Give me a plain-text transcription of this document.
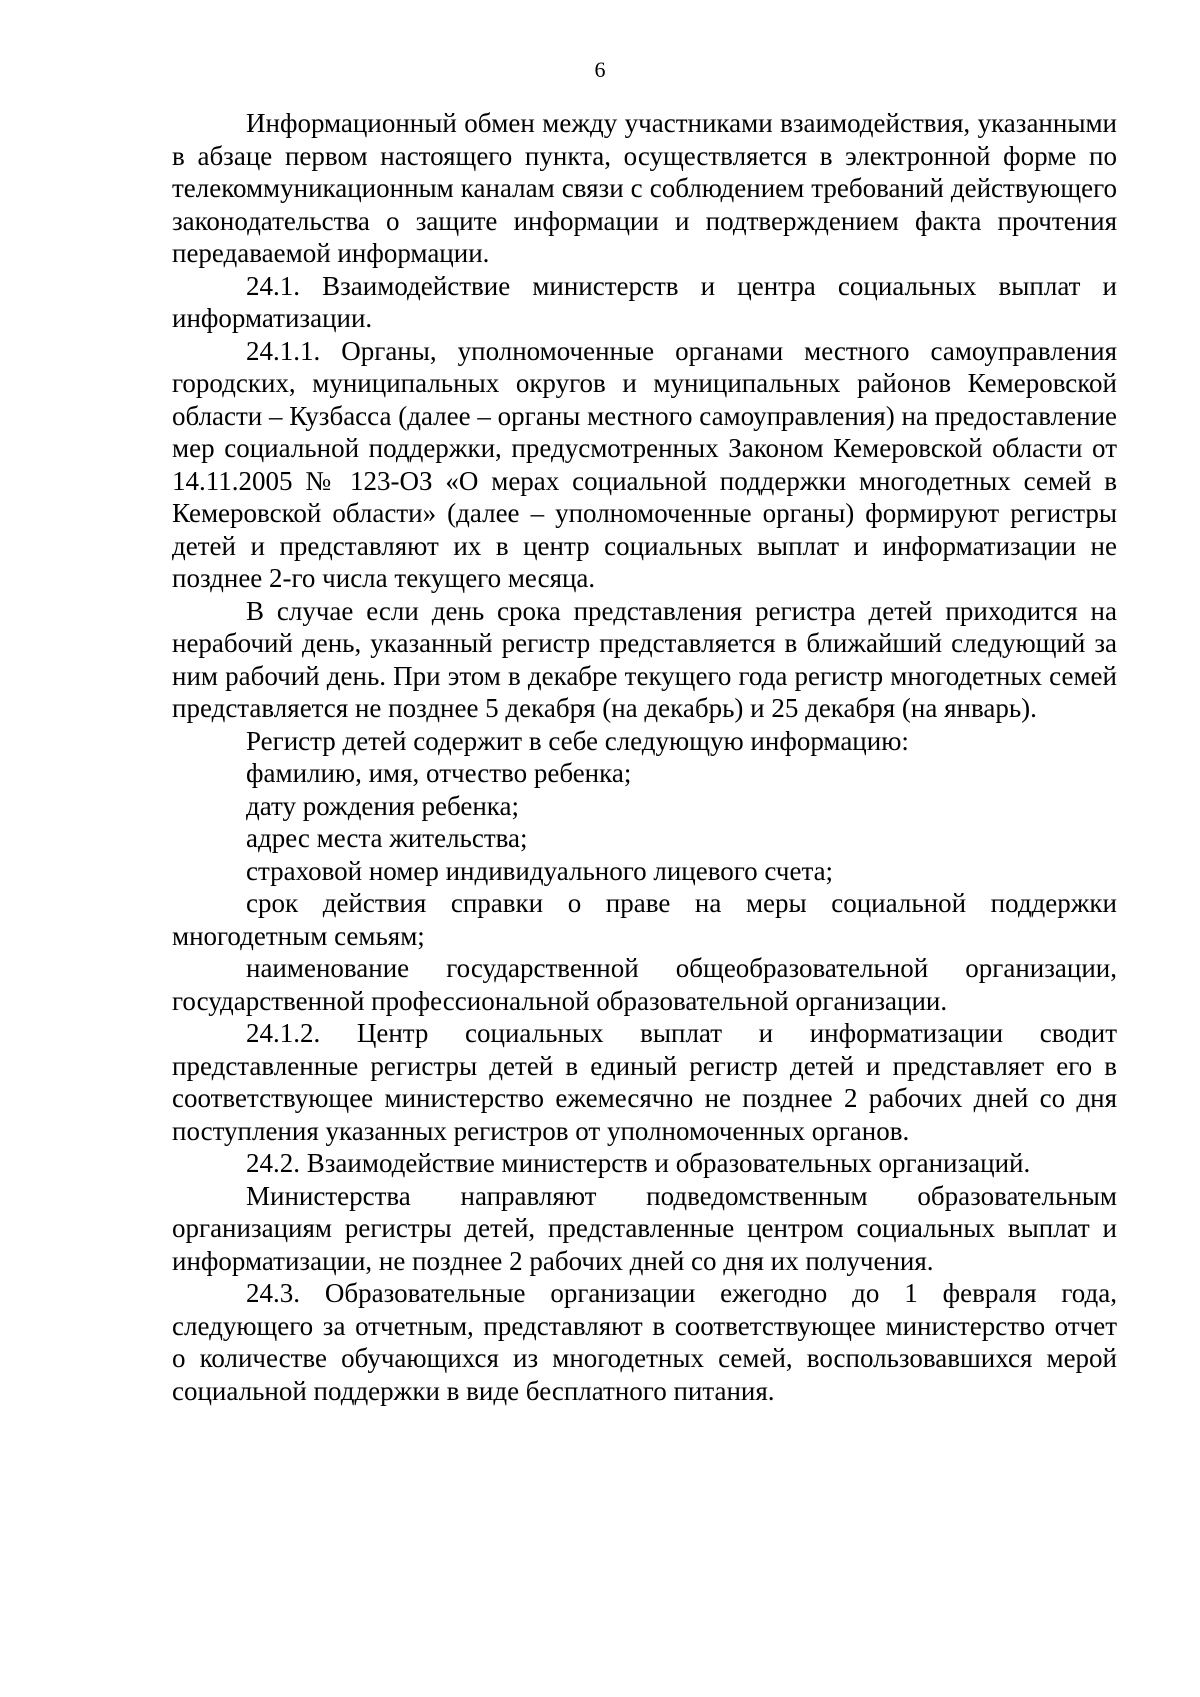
6

Информационный обмен между участниками взаимодействия, указанными в абзаце первом настоящего пункта, осуществляется в электронной форме по телекоммуникационным каналам связи с соблюдением требований действующего законодательства о защите информации и подтверждением факта прочтения передаваемой информации.

24.1. Взаимодействие министерств и центра социальных выплат и информатизации.

24.1.1. Органы, уполномоченные органами местного самоуправления городских, муниципальных округов и муниципальных районов Кемеровской области – Кузбасса (далее – органы местного самоуправления) на предоставление мер социальной поддержки, предусмотренных Законом Кемеровской области от 14.11.2005 № 123-ОЗ «О мерах социальной поддержки многодетных семей в Кемеровской области» (далее – уполномоченные органы) формируют регистры детей и представляют их в центр социальных выплат и информатизации не позднее 2-го числа текущего месяца.

В случае если день срока представления регистра детей приходится на нерабочий день, указанный регистр представляется в ближайший следующий за ним рабочий день. При этом в декабре текущего года регистр многодетных семей представляется не позднее 5 декабря (на декабрь) и 25 декабря (на январь).

Регистр детей содержит в себе следующую информацию:

фамилию, имя, отчество ребенка;

дату рождения ребенка;

адрес места жительства;

страховой номер индивидуального лицевого счета;

срок действия справки о праве на меры социальной поддержки многодетным семьям;

наименование государственной общеобразовательной организации, государственной профессиональной образовательной организации.

24.1.2. Центр социальных выплат и информатизации сводит представленные регистры детей в единый регистр детей и представляет его в соответствующее министерство ежемесячно не позднее 2 рабочих дней со дня поступления указанных регистров от уполномоченных органов.

24.2. Взаимодействие министерств и образовательных организаций.

Министерства направляют подведомственным образовательным организациям регистры детей, представленные центром социальных выплат и информатизации, не позднее 2 рабочих дней со дня их получения.

24.3. Образовательные организации ежегодно до 1 февраля года, следующего за отчетным, представляют в соответствующее министерство отчет о количестве обучающихся из многодетных семей, воспользовавшихся мерой социальной поддержки в виде бесплатного питания.
